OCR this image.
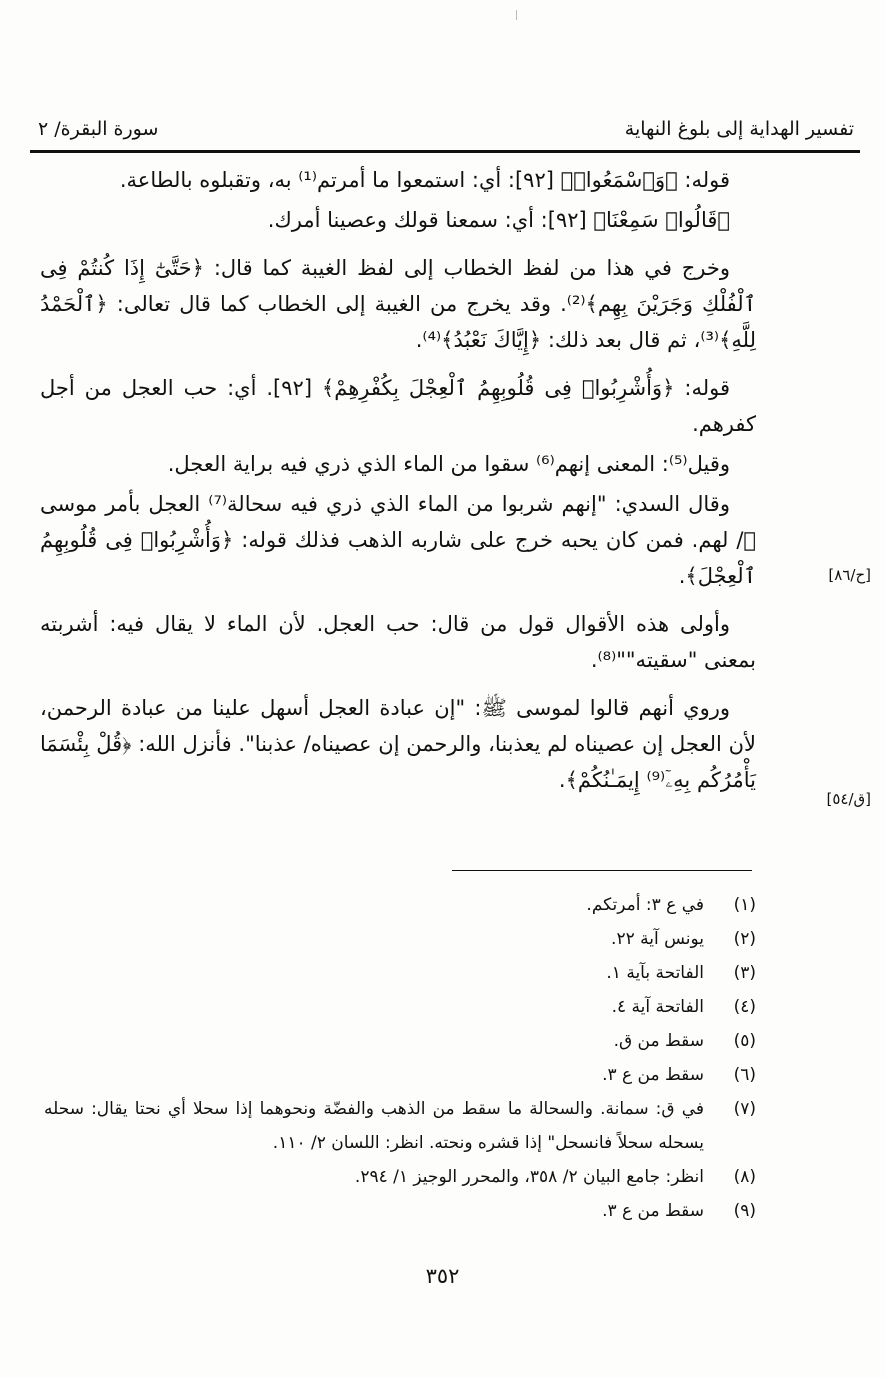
تفسير الهداية إلى بلوغ النهاية
سورة البقرة/ ٢

قوله: ﴿وَٱسْمَعُوا۟﴾ [٩٢]: أي: استمعوا ما أمرتم⁽¹⁾ به، وتقبلوه بالطاعة.

﴿قَالُوا۟ سَمِعْنَا﴾ [٩٢]: أي: سمعنا قولك وعصينا أمرك.

وخرج في هذا من لفظ الخطاب إلى لفظ الغيبة كما قال: ﴿حَتَّىٰٓ إِذَا كُنتُمْ فِى ٱلْفُلْكِ وَجَرَيْنَ بِهِم﴾⁽²⁾. وقد يخرج من الغيبة إلى الخطاب كما قال تعالى: ﴿ٱلْحَمْدُ لِلَّهِ﴾⁽³⁾، ثم قال بعد ذلك: ﴿إِيَّاكَ نَعْبُدُ﴾⁽⁴⁾.

قوله: ﴿وَأُشْرِبُوا۟ فِى قُلُوبِهِمُ ٱلْعِجْلَ بِكُفْرِهِمْ﴾ [٩٢]. أي: حب العجل من أجل كفرهم.

وقيل⁽⁵⁾: المعنى إنهم⁽⁶⁾ سقوا من الماء الذي ذري فيه براية العجل.

وقال السدي: "إنهم شربوا من الماء الذي ذري فيه سحالة⁽⁷⁾ العجل بأمر موسى ﷺ/ لهم. فمن كان يحبه خرج على شاربه الذهب فذلك قوله: ﴿وَأُشْرِبُوا۟ فِى قُلُوبِهِمُ ٱلْعِجْلَ﴾.

وأولى هذه الأقوال قول من قال: حب العجل. لأن الماء لا يقال فيه: أشربته بمعنى "سقيته""⁽⁸⁾.

وروي أنهم قالوا لموسى ﷺ: "إن عبادة العجل أسهل علينا من عبادة الرحمن، لأن العجل إن عصيناه لم يعذبنا، والرحمن إن عصيناه/ عذبنا". فأنزل الله: ﴿قُلْ بِئْسَمَا يَأْمُرُكُم بِهِۦٓ⁽⁹⁾ إِيمَـٰنُكُمْ﴾.

[ح/٨٦]
[ق/٥٤]
(١)
في ع ٣: أمرتكم.
(٢)
يونس آية ٢٢.
(٣)
الفاتحة بآية ١.
(٤)
الفاتحة آية ٤.
(٥)
سقط من ق.
(٦)
سقط من ع ٣.
(٧)
في ق: سمانة. والسحالة ما سقط من الذهب والفضّة ونحوهما إذا سحلا أي نحتا يقال: سحله يسحله سحلاً فانسحل" إذا قشره ونحته. انظر: اللسان ٢/ ١١٠.
(٨)
انظر: جامع البيان ٢/ ٣٥٨، والمحرر الوجيز ١/ ٢٩٤.
(٩)
سقط من ع ٣.
٣٥٢
